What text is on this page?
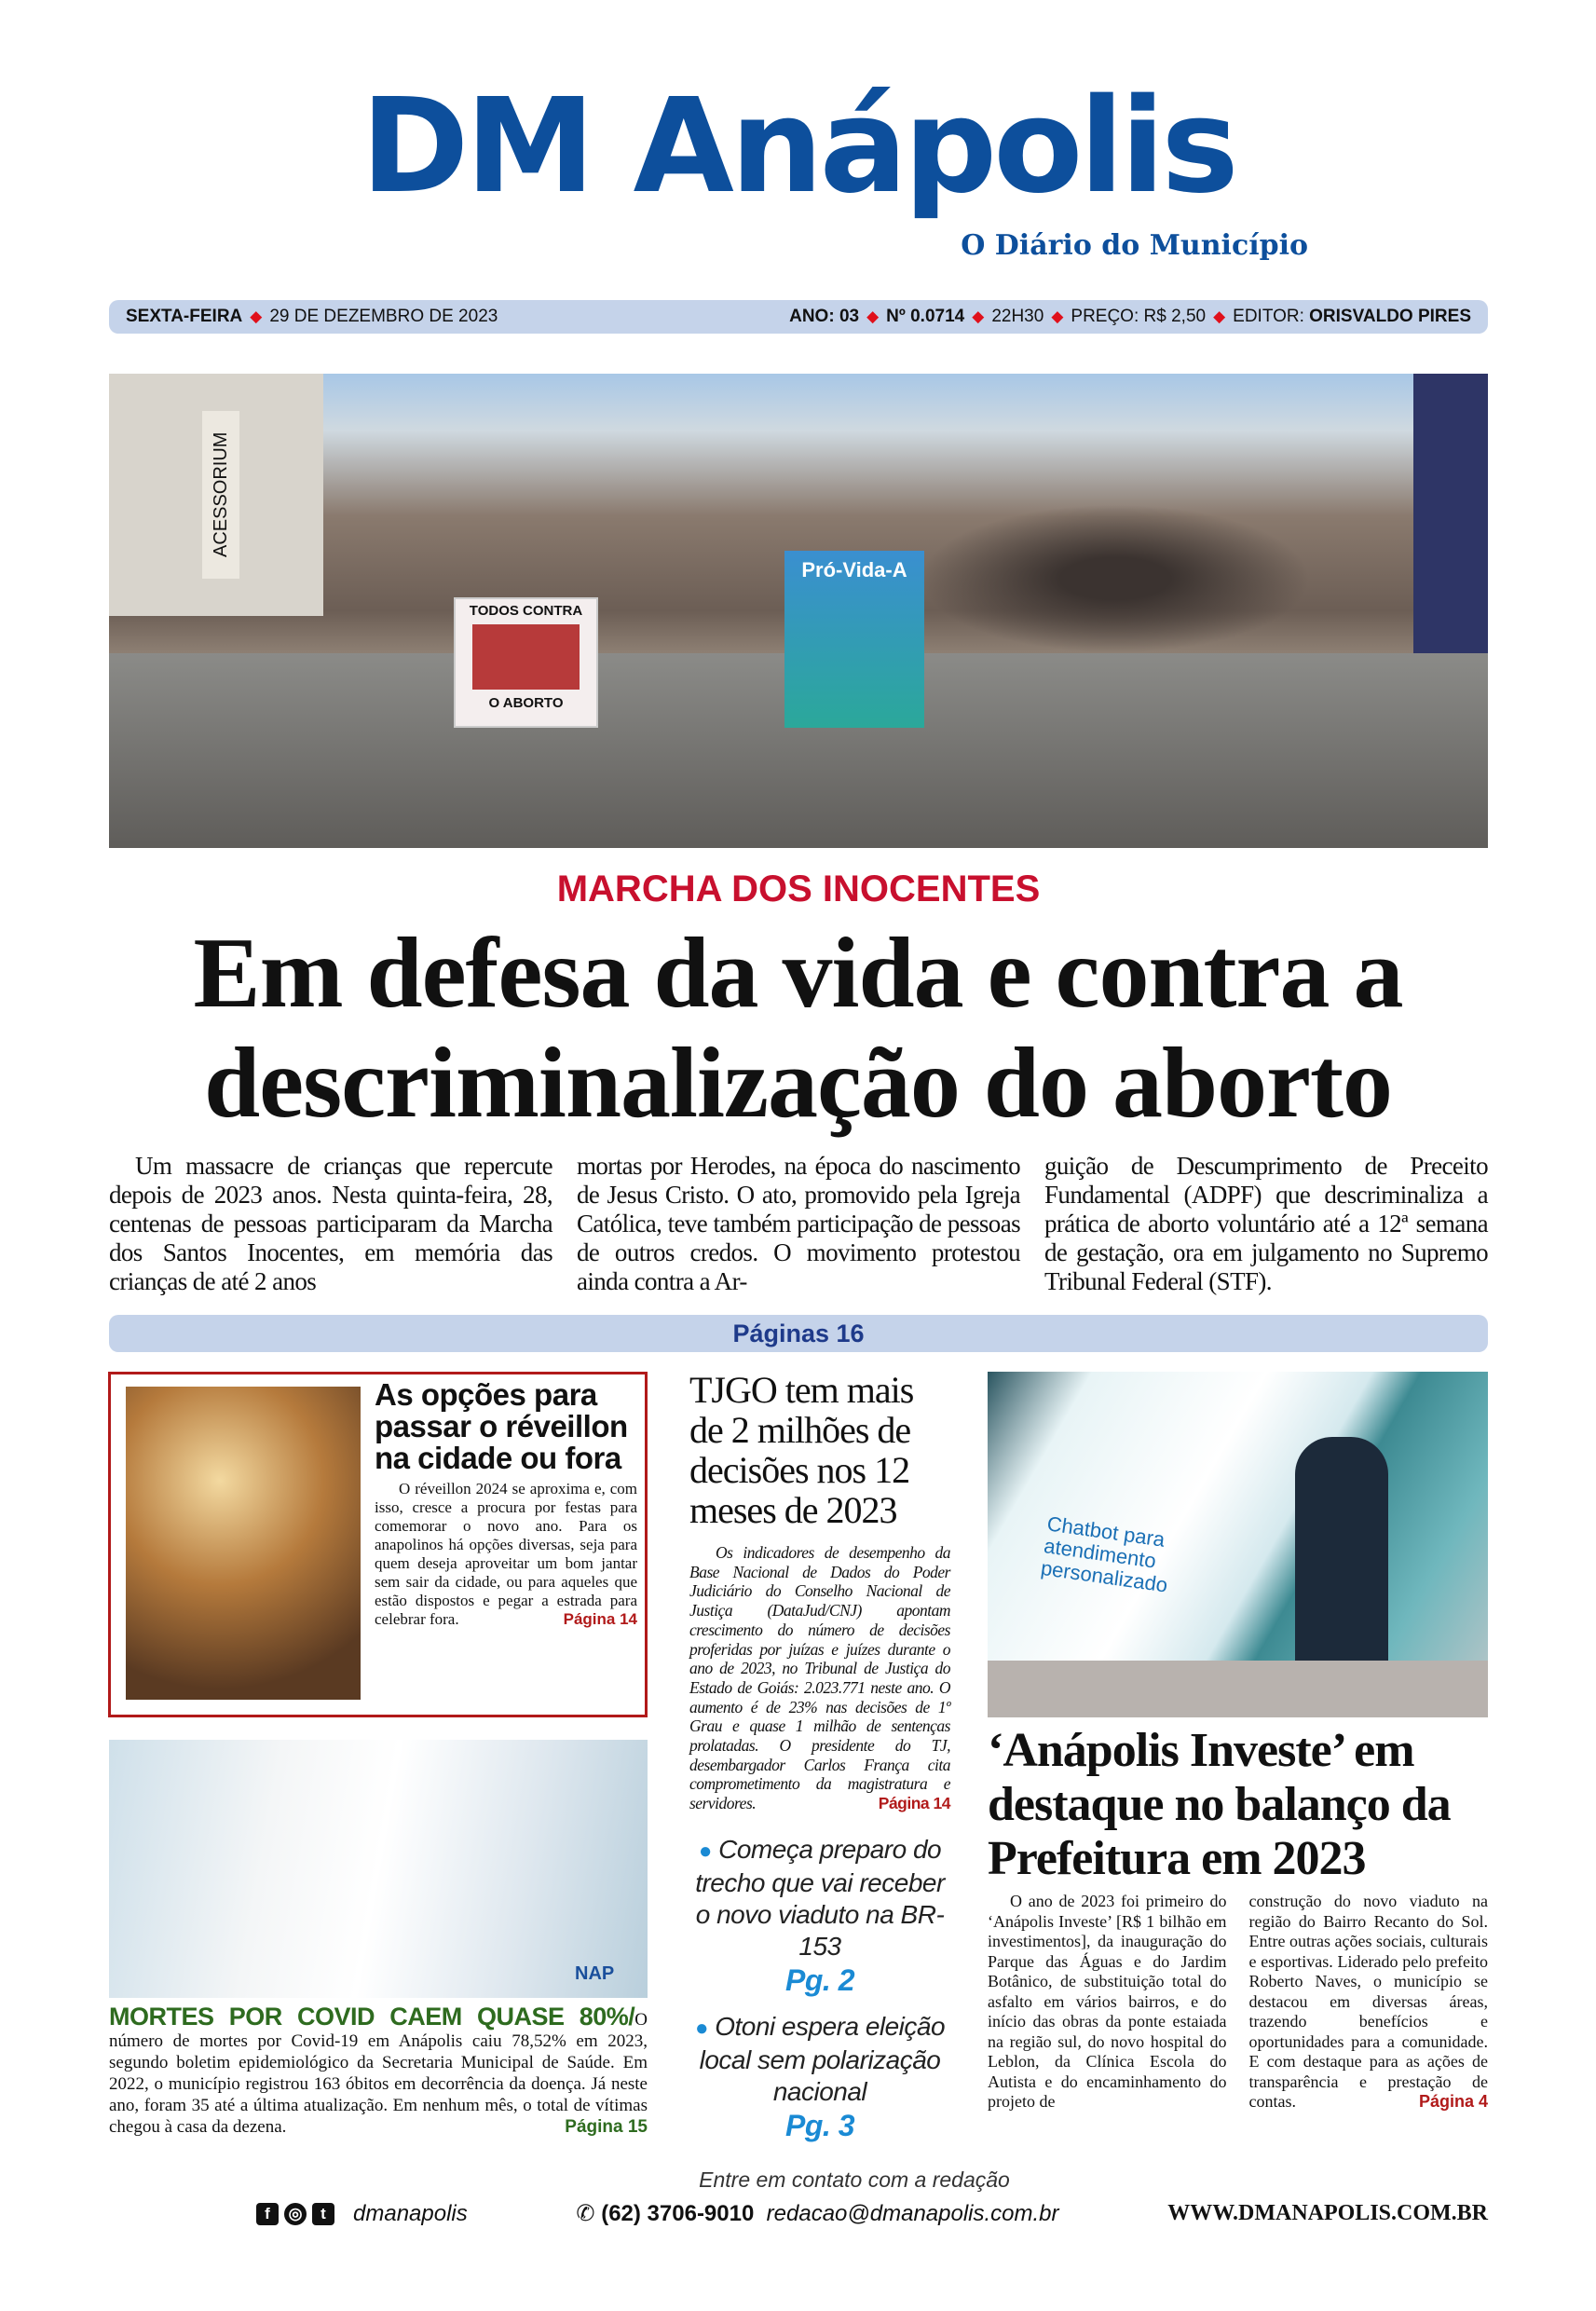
DM Anápolis
O Diário do Município
SEXTA-FEIRA ◆ 29 DE DEZEMBRO DE 2023	ANO: 03 ◆ Nº 0.0714 ◆ 22H30 ◆ PREÇO: R$ 2,50 ◆ EDITOR: ORISVALDO PIRES
ACESSORIUM
TODOS CONTRA
O ABORTO
Pró-Vida-A
MARCHA DOS INOCENTES
Em defesa da vida e contra a
descriminalização do aborto

Um massacre de crianças que repercute depois de 2023 anos. Nesta quinta-feira, 28, centenas de pessoas participaram da Marcha dos Santos Inocentes, em memória das crianças de até 2 anos

mortas por Herodes, na época do nascimento de Jesus Cristo. O ato, promovido pela Igreja Católica, teve também participação de pessoas de outros credos. O movimento protestou ainda contra a Ar-

guição de Descumprimento de Preceito Fundamental (ADPF) que descriminaliza a prática de aborto voluntário até a 12ª semana de gestação, ora em julgamento no Supremo Tribunal Federal (STF).

Páginas 16
As opções para passar o réveillon na cidade ou fora
O réveillon 2024 se aproxima e, com isso, cresce a procura por festas para comemorar o novo ano. Para os anapolinos há opções diversas, seja para quem deseja aproveitar um bom jantar sem sair da cidade, ou para aqueles que estão dispostos e pegar a estrada para celebrar fora.	Página 14
TJGO tem mais de 2 milhões de decisões nos 12 meses de 2023
Os indicadores de desempenho da Base Nacional de Dados do Poder Judiciário do Conselho Nacional de Justiça (DataJud/CNJ) apontam crescimento do número de decisões proferidas por juízas e juízes durante o ano de 2023, no Tribunal de Justiça do Estado de Goiás: 2.023.771 neste ano. O aumento é de 23% nas decisões de 1º Grau e quase 1 milhão de sentenças prolatadas. O presidente do TJ, desembargador Carlos França cita comprometimento da magistratura e servidores.	Página 14
● Começa preparo do trecho que vai receber o novo viaduto na BR-153
Pg. 2
● Otoni espera eleição local sem polarização nacional
Pg. 3
Chatbot para atendimento personalizado
‘Anápolis Investe’ em destaque no balanço da Prefeitura em 2023

O ano de 2023 foi primeiro do ‘Anápolis Investe’ [R$ 1 bilhão em investimentos], da inauguração do Parque das Águas e do Jardim Botânico, de substituição total do asfalto em vários bairros, e do início das obras da ponte estaiada na região sul, do novo hospital do Leblon, da Clínica Escola do Autista e do encaminhamento do projeto de

construção do novo viaduto na região do Bairro Recanto do Sol. Entre outras ações sociais, culturais e esportivas. Liderado pelo prefeito Roberto Naves, o município se destacou em diversas áreas, trazendo benefícios e oportunidades para a comunidade. E com destaque para as ações de transparência e prestação de contas.	Página 4

NAP
MORTES POR COVID CAEM QUASE 80%/O número de mortes por Covid-19 em Anápolis caiu 78,52% em 2023, segundo boletim epidemiológico da Secretaria Municipal de Saúde. Em 2022, o município registrou 163 óbitos em decorrência da doença. Já neste ano, foram 35 até a última atualização. Em nenhum mês, o total de vítimas chegou à casa da dezena.	Página 15
Entre em contato com a redação
f	◎	t	dmanapolis	✆ (62) 3706-9010 redacao@dmanapolis.com.br	WWW.DMANAPOLIS.COM.BR
